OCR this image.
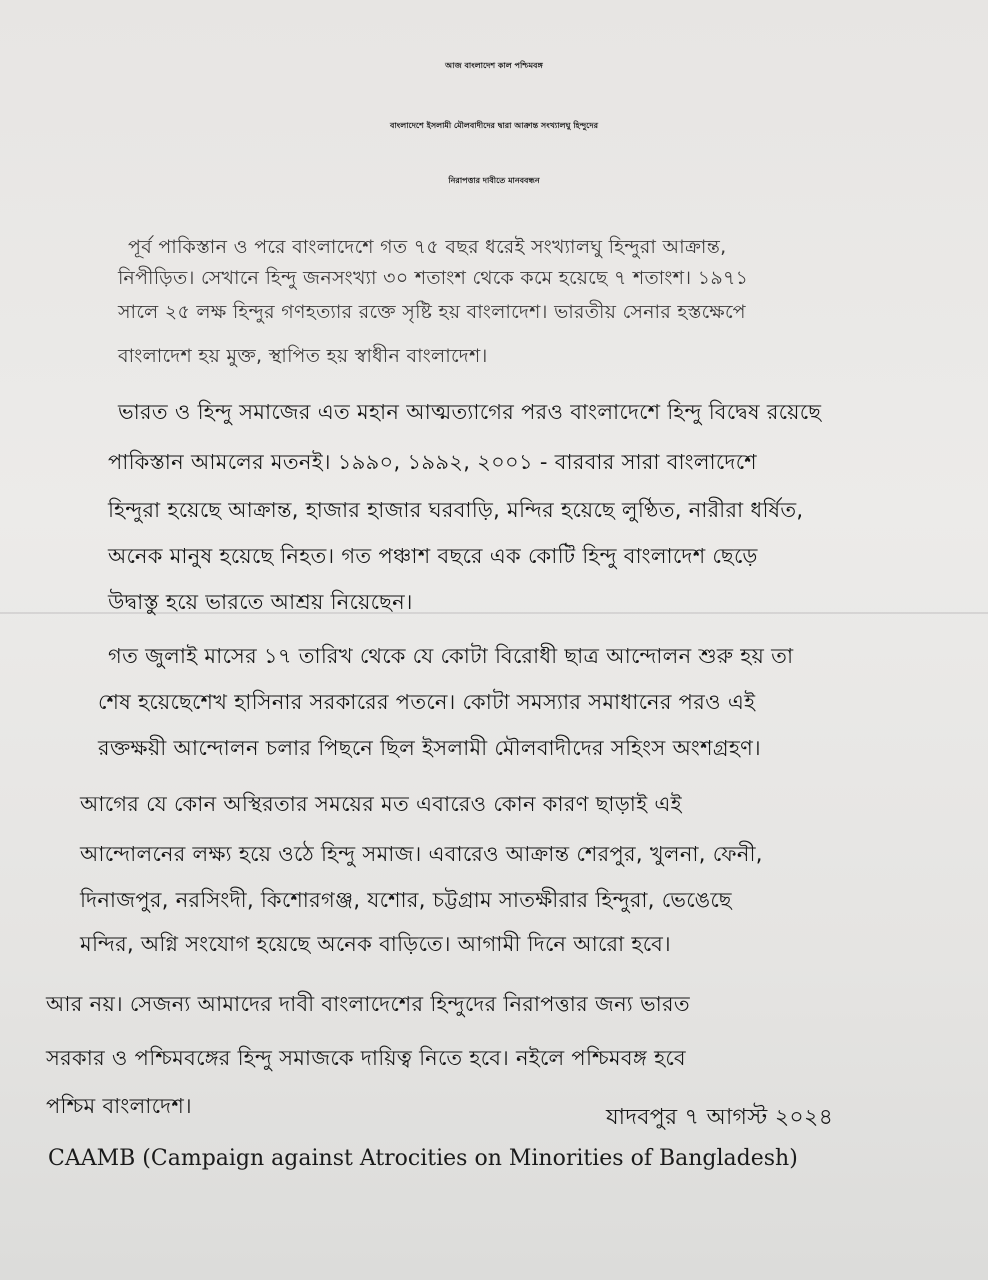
আজ বাংলাদেশ কাল পশ্চিমবঙ্গ
বাংলাদেশে ইসলামী মৌলবাদীদের দ্বারা আক্রান্ত সংখ্যালঘু হিন্দুদের
নিরাপত্তার দাবীতে মানববন্ধন
পূর্ব পাকিস্তান ও পরে বাংলাদেশে গত ৭৫ বছর ধরেই সংখ্যালঘু হিন্দুরা আক্রান্ত,
নিপীড়িত। সেখানে হিন্দু জনসংখ্যা ৩০ শতাংশ থেকে কমে হয়েছে ৭ শতাংশ। ১৯৭১
সালে ২৫ লক্ষ হিন্দুর গণহত্যার রক্তে সৃষ্টি হয় বাংলাদেশ। ভারতীয় সেনার হস্তক্ষেপে
বাংলাদেশ হয় মুক্ত, স্থাপিত হয় স্বাধীন বাংলাদেশ।
ভারত ও হিন্দু সমাজের এত মহান আত্মত্যাগের পরও বাংলাদেশে হিন্দু বিদ্বেষ রয়েছে
পাকিস্তান আমলের মতনই। ১৯৯০, ১৯৯২, ২০০১ - বারবার সারা বাংলাদেশে
হিন্দুরা হয়েছে আক্রান্ত, হাজার হাজার ঘরবাড়ি, মন্দির হয়েছে লুণ্ঠিত, নারীরা ধর্ষিত,
অনেক মানুষ হয়েছে নিহত। গত পঞ্চাশ বছরে এক কোটি হিন্দু বাংলাদেশ ছেড়ে
উদ্বাস্তু হয়ে ভারতে আশ্রয় নিয়েছেন।
গত জুলাই মাসের ১৭ তারিখ থেকে যে কোটা বিরোধী ছাত্র আন্দোলন শুরু হয় তা
শেষ হয়েছেশেখ হাসিনার সরকারের পতনে। কোটা সমস্যার সমাধানের পরও এই
রক্তক্ষয়ী আন্দোলন চলার পিছনে ছিল ইসলামী মৌলবাদীদের সহিংস অংশগ্রহণ।
আগের যে কোন অস্থিরতার সময়ের মত এবারেও কোন কারণ ছাড়াই এই
আন্দোলনের লক্ষ্য হয়ে ওঠে হিন্দু সমাজ। এবারেও আক্রান্ত শেরপুর, খুলনা, ফেনী,
দিনাজপুর, নরসিংদী, কিশোরগঞ্জ, যশোর, চট্টগ্রাম সাতক্ষীরার হিন্দুরা, ভেঙেছে
মন্দির, অগ্নি সংযোগ হয়েছে অনেক বাড়িতে। আগামী দিনে আরো হবে।
আর নয়। সেজন্য আমাদের দাবী বাংলাদেশের হিন্দুদের নিরাপত্তার জন্য ভারত
সরকার ও পশ্চিমবঙ্গের হিন্দু সমাজকে দায়িত্ব নিতে হবে। নইলে পশ্চিমবঙ্গ হবে
পশ্চিম বাংলাদেশ।	যাদবপুর ৭ আগস্ট ২০২৪
CAAMB (Campaign against Atrocities on Minorities of Bangladesh)
